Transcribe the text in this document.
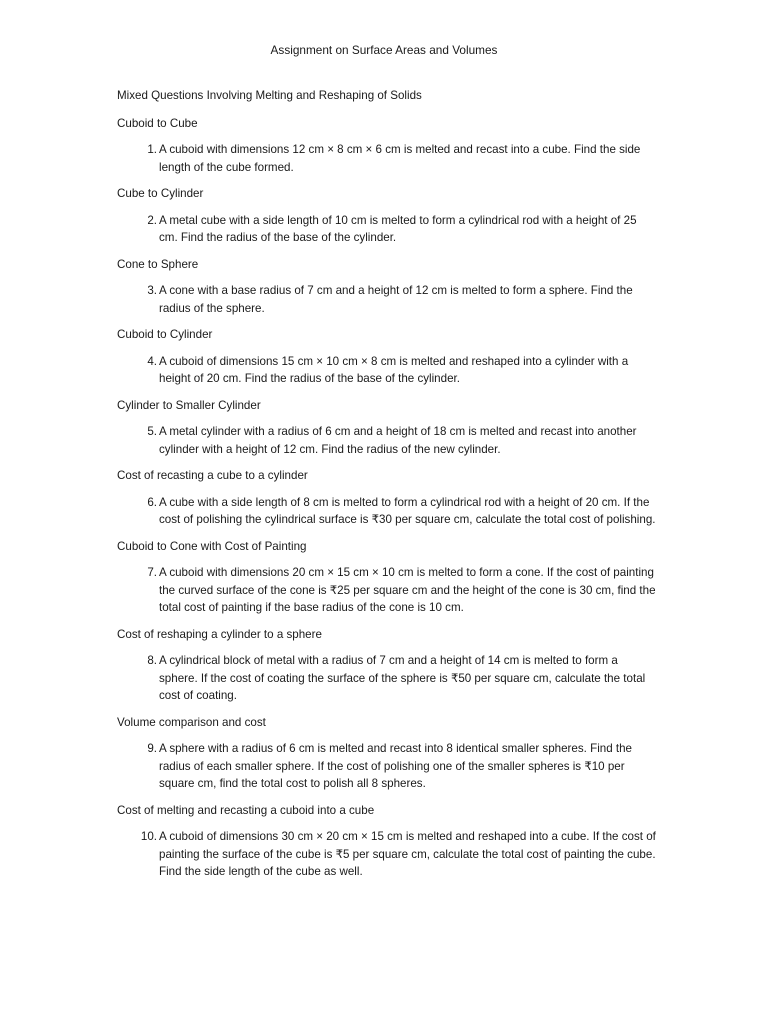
Assignment on Surface Areas and Volumes
Mixed Questions Involving Melting and Reshaping of Solids
Cuboid to Cube
1. A cuboid with dimensions 12 cm × 8 cm × 6 cm is melted and recast into a cube. Find the side length of the cube formed.
Cube to Cylinder
2. A metal cube with a side length of 10 cm is melted to form a cylindrical rod with a height of 25 cm. Find the radius of the base of the cylinder.
Cone to Sphere
3. A cone with a base radius of 7 cm and a height of 12 cm is melted to form a sphere. Find the radius of the sphere.
Cuboid to Cylinder
4. A cuboid of dimensions 15 cm × 10 cm × 8 cm is melted and reshaped into a cylinder with a height of 20 cm. Find the radius of the base of the cylinder.
Cylinder to Smaller Cylinder
5. A metal cylinder with a radius of 6 cm and a height of 18 cm is melted and recast into another cylinder with a height of 12 cm. Find the radius of the new cylinder.
Cost of recasting a cube to a cylinder
6. A cube with a side length of 8 cm is melted to form a cylindrical rod with a height of 20 cm. If the cost of polishing the cylindrical surface is ₹30 per square cm, calculate the total cost of polishing.
Cuboid to Cone with Cost of Painting
7. A cuboid with dimensions 20 cm × 15 cm × 10 cm is melted to form a cone. If the cost of painting the curved surface of the cone is ₹25 per square cm and the height of the cone is 30 cm, find the total cost of painting if the base radius of the cone is 10 cm.
Cost of reshaping a cylinder to a sphere
8. A cylindrical block of metal with a radius of 7 cm and a height of 14 cm is melted to form a sphere. If the cost of coating the surface of the sphere is ₹50 per square cm, calculate the total cost of coating.
Volume comparison and cost
9. A sphere with a radius of 6 cm is melted and recast into 8 identical smaller spheres. Find the radius of each smaller sphere. If the cost of polishing one of the smaller spheres is ₹10 per square cm, find the total cost to polish all 8 spheres.
Cost of melting and recasting a cuboid into a cube
10. A cuboid of dimensions 30 cm × 20 cm × 15 cm is melted and reshaped into a cube. If the cost of painting the surface of the cube is ₹5 per square cm, calculate the total cost of painting the cube. Find the side length of the cube as well.
